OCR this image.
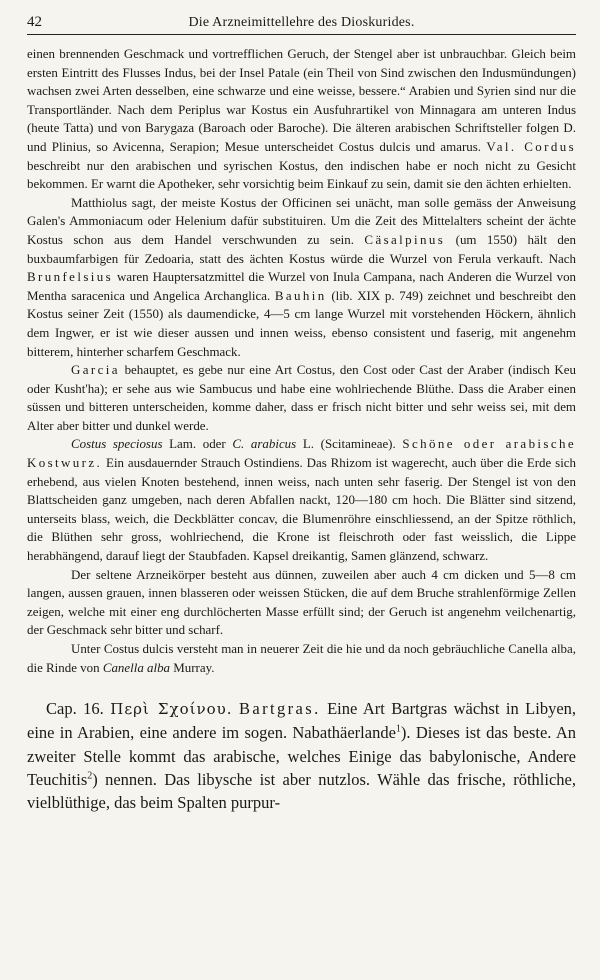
42	Die Arzneimittellehre des Dioskurides.

einen brennenden Geschmack und vortrefflichen Geruch, der Stengel aber ist unbrauchbar. Gleich beim ersten Eintritt des Flusses Indus, bei der Insel Patale (ein Theil von Sind zwischen den Indusmündungen) wachsen zwei Arten desselben, eine schwarze und eine weisse, bessere.“ Arabien und Syrien sind nur die Transportländer. Nach dem Periplus war Kostus ein Ausfuhrartikel von Minnagara am unteren Indus (heute Tatta) und von Barygaza (Baroach oder Baroche). Die älteren arabischen Schriftsteller folgen D. und Plinius, so Avicenna, Serapion; Mesue unterscheidet Costus dulcis und amarus. Val. Cordus beschreibt nur den arabischen und syrischen Kostus, den indischen habe er noch nicht zu Gesicht bekommen. Er warnt die Apotheker, sehr vorsichtig beim Einkauf zu sein, damit sie den ächten erhielten.

Matthiolus sagt, der meiste Kostus der Officinen sei unächt, man solle gemäss der Anweisung Galen's Ammoniacum oder Helenium dafür substituiren. Um die Zeit des Mittelalters scheint der ächte Kostus schon aus dem Handel verschwunden zu sein. Cäsalpinus (um 1550) hält den buxbaumfarbigen für Zedoaria, statt des ächten Kostus würde die Wurzel von Ferula verkauft. Nach Brunfelsius waren Hauptersatzmittel die Wurzel von Inula Campana, nach Anderen die Wurzel von Mentha saracenica und Angelica Archanglica. Bauhin (lib. XIX p. 749) zeichnet und beschreibt den Kostus seiner Zeit (1550) als daumendicke, 4—5 cm lange Wurzel mit vorstehenden Höckern, ähnlich dem Ingwer, er ist wie dieser aussen und innen weiss, ebenso consistent und faserig, mit angenehm bitterem, hinterher scharfem Geschmack.

Garcia behauptet, es gebe nur eine Art Costus, den Cost oder Cast der Araber (indisch Keu oder Kusht'ha); er sehe aus wie Sambucus und habe eine wohlriechende Blüthe. Dass die Araber einen süssen und bitteren unterscheiden, komme daher, dass er frisch nicht bitter und sehr weiss sei, mit dem Alter aber bitter und dunkel werde.

Costus speciosus Lam. oder C. arabicus L. (Scitamineae). Schöne oder arabische Kostwurz. Ein ausdauernder Strauch Ostindiens. Das Rhizom ist wagerecht, auch über die Erde sich erhebend, aus vielen Knoten bestehend, innen weiss, nach unten sehr faserig. Der Stengel ist von den Blattscheiden ganz umgeben, nach deren Abfallen nackt, 120—180 cm hoch. Die Blätter sind sitzend, unterseits blass, weich, die Deckblätter concav, die Blumenröhre einschliessend, an der Spitze röthlich, die Blüthen sehr gross, wohlriechend, die Krone ist fleischroth oder fast weisslich, die Lippe herabhängend, darauf liegt der Staubfaden. Kapsel dreikantig, Samen glänzend, schwarz.

Der seltene Arzneikörper besteht aus dünnen, zuweilen aber auch 4 cm dicken und 5—8 cm langen, aussen grauen, innen blasseren oder weissen Stücken, die auf dem Bruche strahlenförmige Zellen zeigen, welche mit einer eng durchlöcherten Masse erfüllt sind; der Geruch ist angenehm veilchenartig, der Geschmack sehr bitter und scharf.

Unter Costus dulcis versteht man in neuerer Zeit die hie und da noch gebräuchliche Canella alba, die Rinde von Canella alba Murray.

Cap. 16. Περὶ Σχοίνου. Bartgras. Eine Art Bartgras wächst in Libyen, eine in Arabien, eine andere im sogen. Nabathäerlande$^1$). Dieses ist das beste. An zweiter Stelle kommt das arabische, welches Einige das babylonische, Andere Teuchitis$^2$) nennen. Das libysche ist aber nutzlos. Wähle das frische, röthliche, vielblüthige, das beim Spalten purpur-
